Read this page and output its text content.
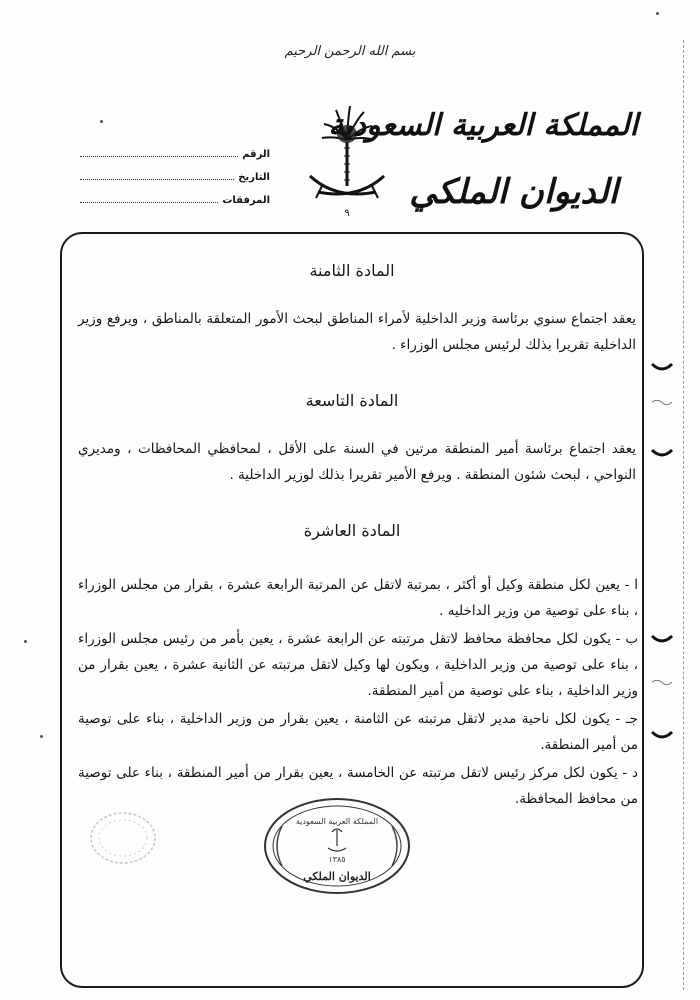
بسم الله الرحمن الرحيم
٩
المملكة العربية السعودية
الديوان الملكي
الرقم
التاريخ
المرفقات

المادة الثامنة

يعقد اجتماع سنوي برئاسة وزير الداخلية لأمراء المناطق لبحث الأمور المتعلقة بالمناطق ، ويرفع وزير الداخلية تقريرا بذلك لرئيس مجلس الوزراء .

المادة التاسعة

يعقد اجتماع برئاسة أمير المنطقة مرتين في السنة على الأقل ، لمحافظي المحافظات ، ومديري النواحي ، لبحث شئون المنطقة . ويرفع الأمير تقريرا بذلك لوزير الداخلية .

المادة العاشرة

ا - يعين لكل منطقة وكيل أو أكثر ، بمرتبة لاتقل عن المرتبة الرابعة عشرة ، بقرار من مجلس الوزراء ، بناء على توصية من وزير الداخليه .

ب - يكون لكل محافظة محافظ لاتقل مرتبته عن الرابعة عشرة ، يعين بأمر من رئيس مجلس الوزراء ، بناء على توصية من وزير الداخلية ، ويكون لها وكيل لاتقل مرتبته عن الثانية عشرة ، يعين بقرار من وزير الداخلية ، بناء على توصية من أمير المنطقة.

جـ - يكون لكل ناحية مدير لاتقل مرتبته عن الثامنة ، يعين بقرار من وزير الداخلية ، بناء على توصية من أمير المنطقة.

د - يكون لكل مركز رئيس لاتقل مرتبته عن الخامسة ، يعين بقرار من أمير المنطقة ، بناء على توصية من محافظ المحافظة.

المملكة العربية السعودية
١٣٨٥
الديوان الملكي
